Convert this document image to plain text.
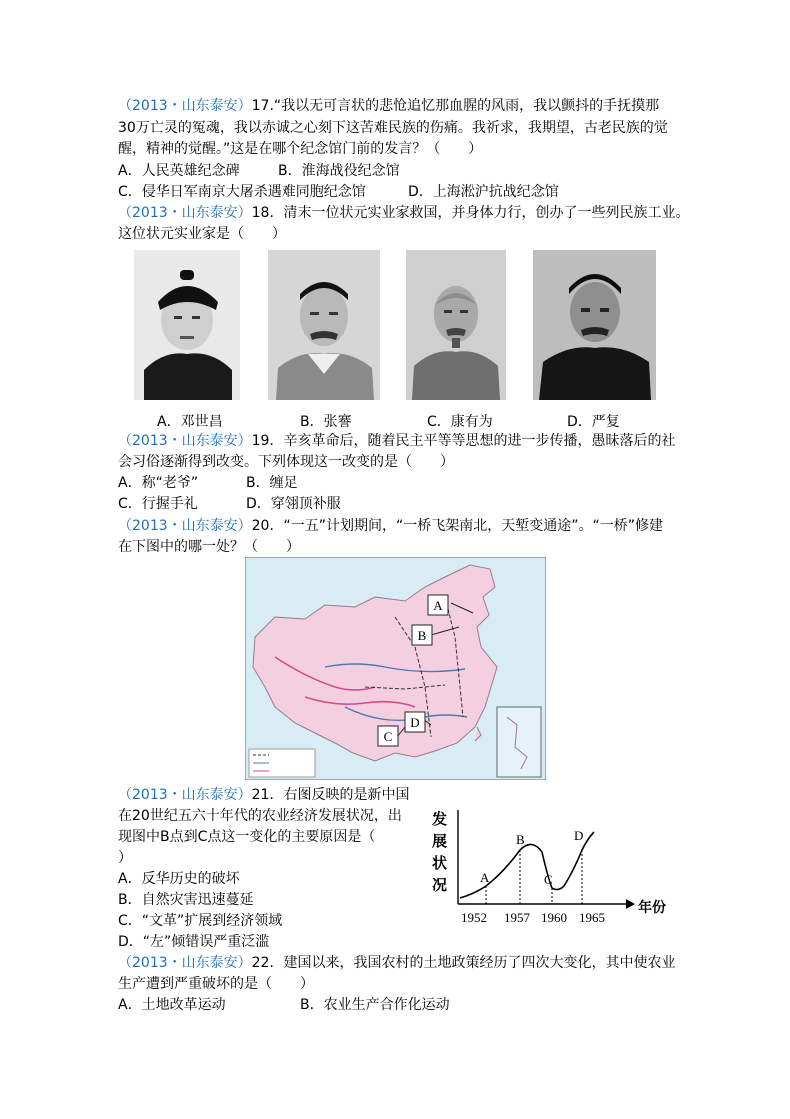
（2013・山东泰安）17.“我以无可言状的悲怆追忆那血腥的风雨，我以颤抖的手抚摸那
30万亡灵的冤魂，我以赤诚之心刻下这苦难民族的伤痛。我祈求，我期望，古老民族的觉
醒，精神的觉醒。”这是在哪个纪念馆门前的发言？（　　）
A．人民英雄纪念碑	B．淮海战役纪念馆
C．侵华日军南京大屠杀遇难同胞纪念馆	D．上海淞沪抗战纪念馆
（2013・山东泰安）18．清末一位状元实业家救国，并身体力行，创办了一些列民族工业。
这位状元实业家是（　　）
A．邓世昌	B．张謇	C．康有为	D．严复
（2013・山东泰安）19．辛亥革命后，随着民主平等等思想的进一步传播，愚昧落后的社
会习俗逐渐得到改变。下列体现这一改变的是（　　）
A．称“老爷”	B．缠足
C．行握手礼	D．穿翎顶补服
（2013・山东泰安）20．“一五”计划期间，“一桥飞架南北，天堑变通途”。“一桥”修建
在下图中的哪一处？（　　）
A
B
C
D
（2013・山东泰安）21．右图反映的是新中国
在20世纪五六十年代的农业经济发展状况，出
现图中B点到C点这一变化的主要原因是（
）
A．反华历史的破坏
B．自然灾害迅速蔓延
C．“文革”扩展到经济领域
D．“左”倾错误严重泛滥
发
展
状
况
A
B
C
D
1952 1957 1960 1965
年份
（2013・山东泰安）22．建国以来，我国农村的土地政策经历了四次大变化，其中使农业
生产遭到严重破坏的是（　　）
A．土地改革运动	B．农业生产合作化运动
